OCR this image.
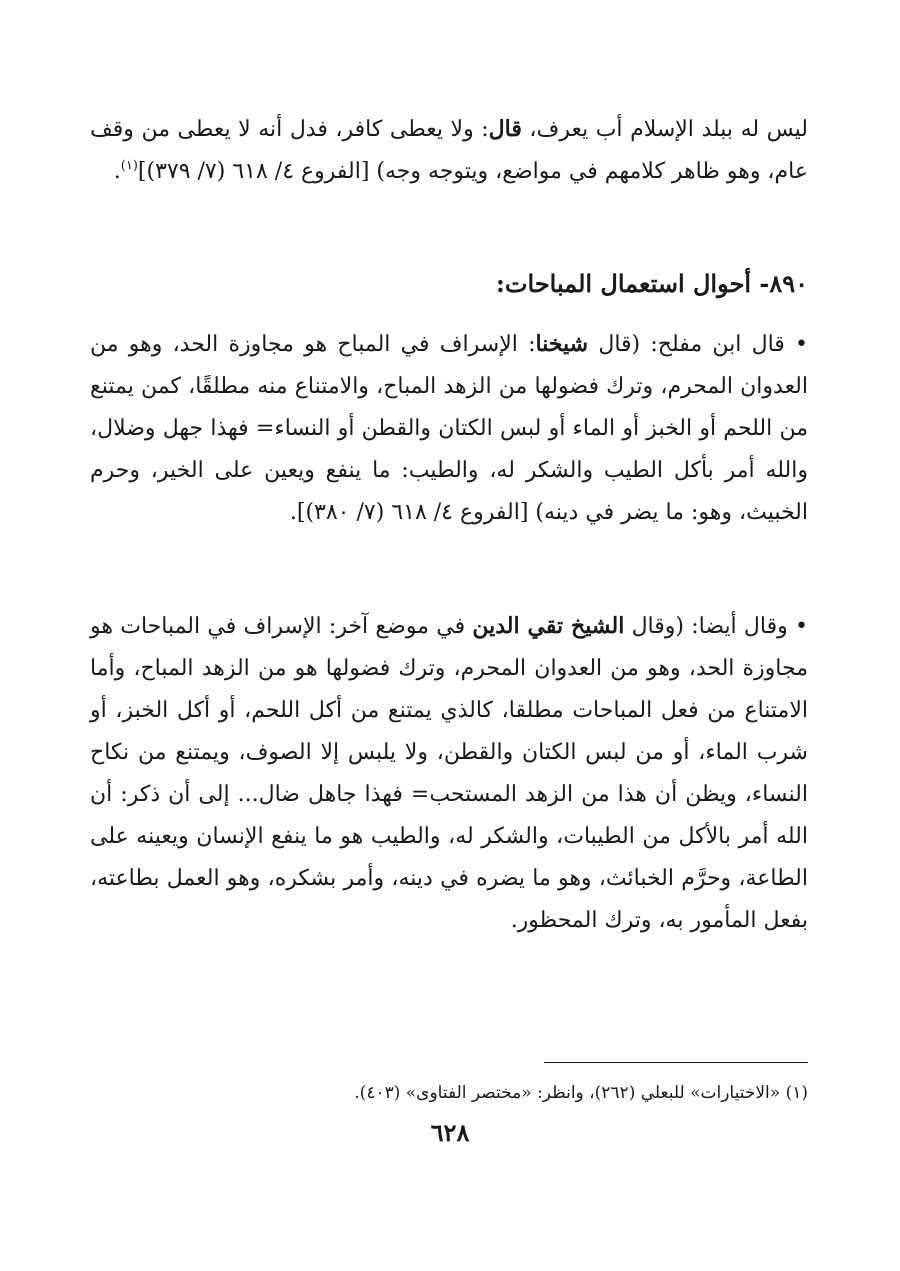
ليس له ببلد الإسلام أب يعرف، قال: ولا يعطى كافر، فدل أنه لا يعطى من وقف عام، وهو ظاهر كلامهم في مواضع، ويتوجه وجه) [الفروع ٤/ ٦١٨ (٧/ ٣٧٩)]$^{(١)}$.

٨٩٠- أحوال استعمال المباحات:

• قال ابن مفلح: (قال شيخنا: الإسراف في المباح هو مجاوزة الحد، وهو من العدوان المحرم، وترك فضولها من الزهد المباح، والامتناع منه مطلقًا، كمن يمتنع من اللحم أو الخبز أو الماء أو لبس الكتان والقطن أو النساء= فهذا جهل وضلال، والله أمر بأكل الطيب والشكر له، والطيب: ما ينفع ويعين على الخير، وحرم الخبيث، وهو: ما يضر في دينه) [الفروع ٤/ ٦١٨ (٧/ ٣٨٠)].

• وقال أيضا: (وقال الشيخ تقي الدين في موضع آخر: الإسراف في المباحات هو مجاوزة الحد، وهو من العدوان المحرم، وترك فضولها هو من الزهد المباح، وأما الامتناع من فعل المباحات مطلقا، كالذي يمتنع من أكل اللحم، أو أكل الخبز، أو شرب الماء، أو من لبس الكتان والقطن، ولا يلبس إلا الصوف، ويمتنع من نكاح النساء، ويظن أن هذا من الزهد المستحب= فهذا جاهل ضال... إلى أن ذكر: أن الله أمر بالأكل من الطيبات، والشكر له، والطيب هو ما ينفع الإنسان ويعينه على الطاعة، وحرَّم الخبائث، وهو ما يضره في دينه، وأمر بشكره، وهو العمل بطاعته، بفعل المأمور به، وترك المحظور.

(١) «الاختيارات» للبعلي (٢٦٢)، وانظر: «مختصر الفتاوى» (٤٠٣).
٦٢٨
